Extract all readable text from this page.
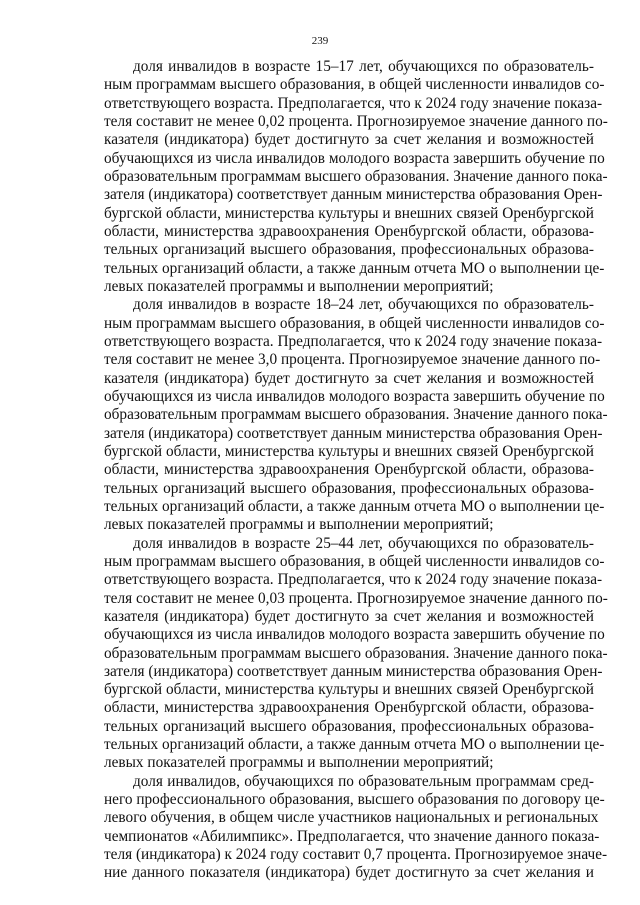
239
доля инвалидов в возрасте 15–17 лет, обучающихся по образователь-
ным программам высшего образования, в общей численности инвалидов со-
ответствующего возраста. Предполагается, что к 2024 году значение показа-
теля составит не менее 0,02 процента. Прогнозируемое значение данного по-
казателя (индикатора) будет достигнуто за счет желания и возможностей
обучающихся из числа инвалидов молодого возраста завершить обучение по
образовательным программам высшего образования. Значение данного пока-
зателя (индикатора) соответствует данным министерства образования Орен-
бургской области, министерства культуры и внешних связей Оренбургской
области, министерства здравоохранения Оренбургской области, образова-
тельных организаций высшего образования, профессиональных образова-
тельных организаций области, а также данным отчета МО о выполнении це-
левых показателей программы и выполнении мероприятий;
доля инвалидов в возрасте 18–24 лет, обучающихся по образователь-
ным программам высшего образования, в общей численности инвалидов со-
ответствующего возраста. Предполагается, что к 2024 году значение показа-
теля составит не менее 3,0 процента. Прогнозируемое значение данного по-
казателя (индикатора) будет достигнуто за счет желания и возможностей
обучающихся из числа инвалидов молодого возраста завершить обучение по
образовательным программам высшего образования. Значение данного пока-
зателя (индикатора) соответствует данным министерства образования Орен-
бургской области, министерства культуры и внешних связей Оренбургской
области, министерства здравоохранения Оренбургской области, образова-
тельных организаций высшего образования, профессиональных образова-
тельных организаций области, а также данным отчета МО о выполнении це-
левых показателей программы и выполнении мероприятий;
доля инвалидов в возрасте 25–44 лет, обучающихся по образователь-
ным программам высшего образования, в общей численности инвалидов со-
ответствующего возраста. Предполагается, что к 2024 году значение показа-
теля составит не менее 0,03 процента. Прогнозируемое значение данного по-
казателя (индикатора) будет достигнуто за счет желания и возможностей
обучающихся из числа инвалидов молодого возраста завершить обучение по
образовательным программам высшего образования. Значение данного пока-
зателя (индикатора) соответствует данным министерства образования Орен-
бургской области, министерства культуры и внешних связей Оренбургской
области, министерства здравоохранения Оренбургской области, образова-
тельных организаций высшего образования, профессиональных образова-
тельных организаций области, а также данным отчета МО о выполнении це-
левых показателей программы и выполнении мероприятий;
доля инвалидов, обучающихся по образовательным программам сред-
него профессионального образования, высшего образования по договору це-
левого обучения, в общем числе участников национальных и региональных
чемпионатов «Абилимпикс». Предполагается, что значение данного показа-
теля (индикатора) к 2024 году составит 0,7 процента. Прогнозируемое значе-
ние данного показателя (индикатора) будет достигнуто за счет желания и
